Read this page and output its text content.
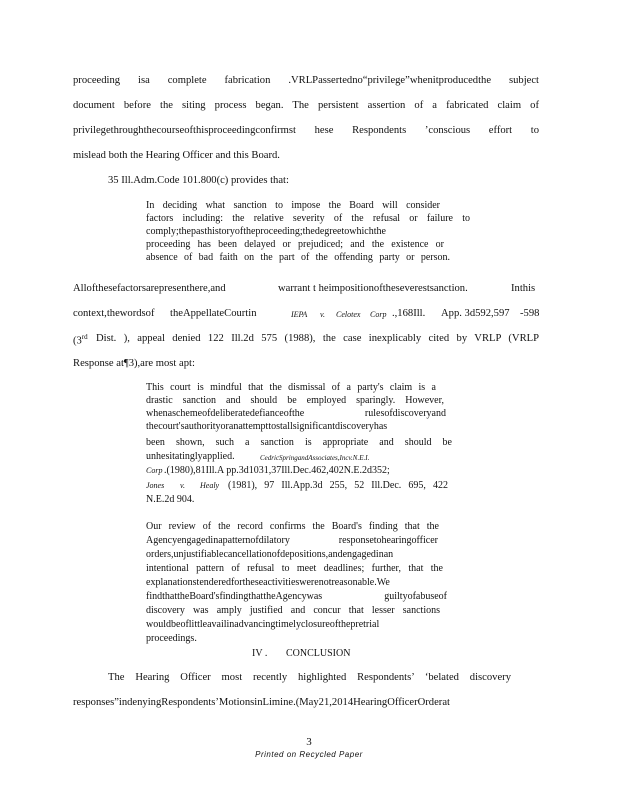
proceeding isa complete fabrication .VRLPassertedno“privilege”whenitproducedthe subject
document before the siting process began. The persistent assertion of a fabricated claim of
privilegethroughthecourseofthisproceedingconfirmst hese Respondents ’conscious effort to
mislead both the Hearing Officer and this Board.
35 Ill.Adm.Code 101.800(c) provides that:
In deciding what sanction to impose the Board will consider
factors including: the relative severity of the refusal or failure to
comply;thepasthistoryoftheproceeding;thedegreetowhichthe
proceeding has been delayed or prejudiced; and the existence or
absence of bad faith on the part of the offending party or person.
Allofthesefactorsarepresenthere,and	warrant t heimpositionoftheseverestsanction.	Inthis
context,thewordsof theAppellateCourtin	IEPA v. Celotex Corp .,168Ill. App. 3d592,597 -598
(3rd Dist. ), appeal denied 122 Ill.2d 575 (1988), the case inexplicably cited by VRLP (VRLP
Response at¶3),are most apt:
This court is mindful that the dismissal of a party's claim is a
drastic sanction and should be employed sparingly. However,
whenaschemeofdeliberatedefianceofthe rulesofdiscoveryand
thecourt'sauthorityoranattempttostallsignificantdiscoveryhas
been shown, such a sanction is appropriate and should be
unhesitatinglyapplied.	CedricSpringandAssociates,Incv.N.E.I.
Corp .(1980),81Ill.A pp.3d1031,37Ill.Dec.462,402N.E.2d352;
Jones v. Healy (1981), 97 Ill.App.3d 255, 52 Ill.Dec. 695, 422
N.E.2d 904.
Our review of the record confirms the Board's finding that the
Agencyengagedinapatternofdilatory responsetohearingofficer
orders,unjustifiablecancellationofdepositions,andengagedinan
intentional pattern of refusal to meet deadlines; further, that the
explanationstenderedfortheseactivitieswerenotreasonable.We
findthattheBoard'sfindingthattheAgencywas guiltyofabuseof
discovery was amply justified and concur that lesser sanctions
wouldbeoflittleavailinadvancingtimelyclosureofthepretrial
proceedings.
IV . CONCLUSION
The Hearing Officer most recently highlighted Respondents’ ‘belated discovery
responses”indenyingRespondents’MotionsinLimine.(May21,2014HearingOfficerOrderat
3
Printed on Recycled Paper
